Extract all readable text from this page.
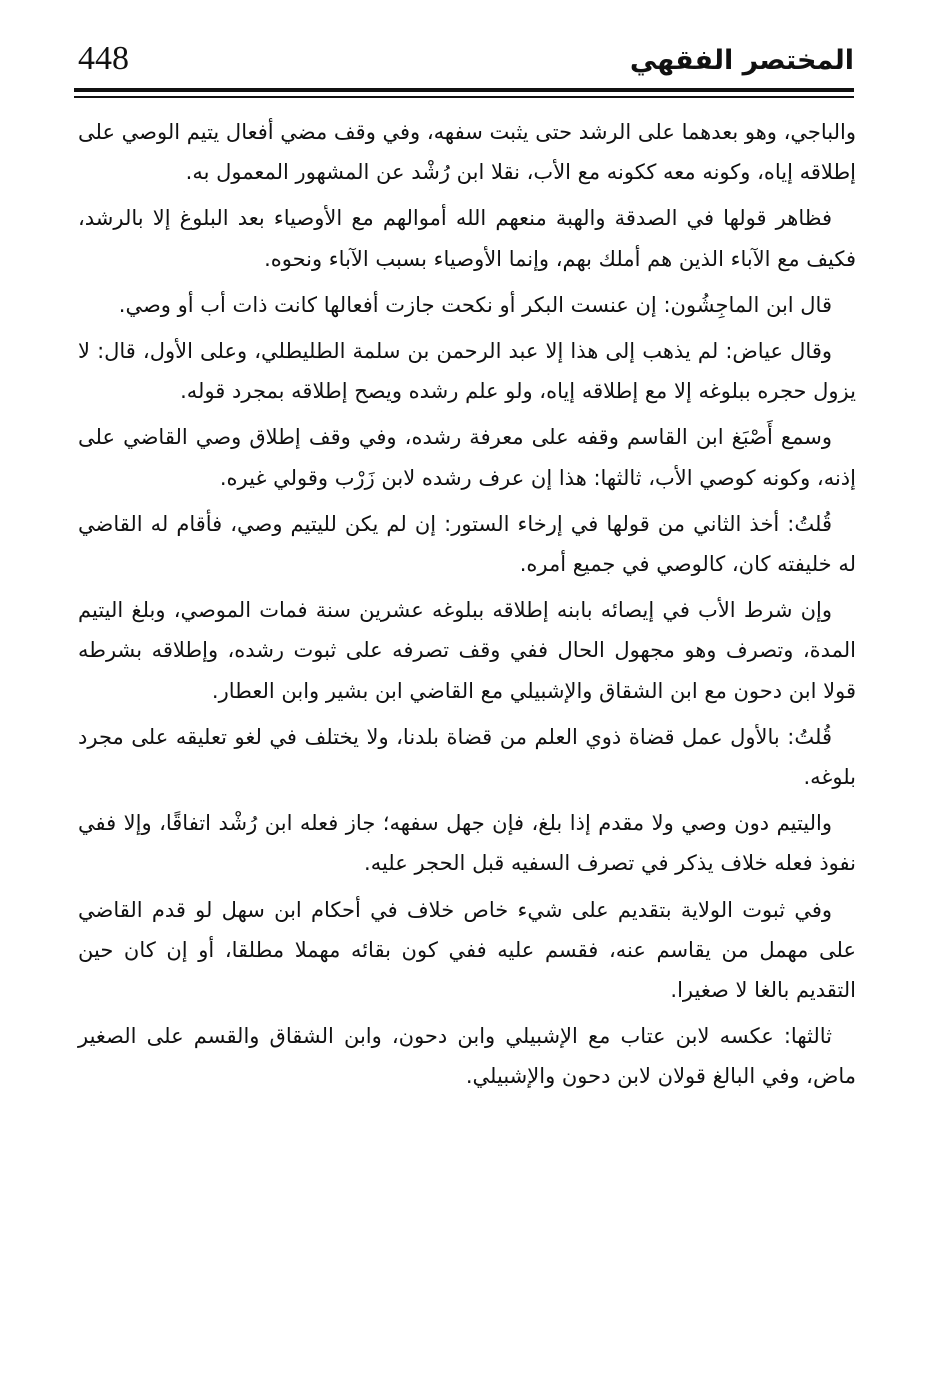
448	المختصر الفقهي

والباجي، وهو بعدهما على الرشد حتى يثبت سفهه، وفي وقف مضي أفعال يتيم الوصي على إطلاقه إياه، وكونه معه ككونه مع الأب، نقلا ابن رُشْد عن المشهور المعمول به.

فظاهر قولها في الصدقة والهبة منعهم الله أموالهم مع الأوصياء بعد البلوغ إلا بالرشد، فكيف مع الآباء الذين هم أملك بهم، وإنما الأوصياء بسبب الآباء ونحوه.

قال ابن الماجِشُون: إن عنست البكر أو نكحت جازت أفعالها كانت ذات أب أو وصي.

وقال عياض: لم يذهب إلى هذا إلا عبد الرحمن بن سلمة الطليطلي، وعلى الأول، قال: لا يزول حجره ببلوغه إلا مع إطلاقه إياه، ولو علم رشده ويصح إطلاقه بمجرد قوله.

وسمع أَصْبَغ ابن القاسم وقفه على معرفة رشده، وفي وقف إطلاق وصي القاضي على إذنه، وكونه كوصي الأب، ثالثها: هذا إن عرف رشده لابن زَرْب وقولي غيره.

قُلتُ: أخذ الثاني من قولها في إرخاء الستور: إن لم يكن لليتيم وصي، فأقام له القاضي له خليفته كان، كالوصي في جميع أمره.

وإن شرط الأب في إيصائه بابنه إطلاقه ببلوغه عشرين سنة فمات الموصي، وبلغ اليتيم المدة، وتصرف وهو مجهول الحال ففي وقف تصرفه على ثبوت رشده، وإطلاقه بشرطه قولا ابن دحون مع ابن الشقاق والإشبيلي مع القاضي ابن بشير وابن العطار.

قُلتُ: بالأول عمل قضاة ذوي العلم من قضاة بلدنا، ولا يختلف في لغو تعليقه على مجرد بلوغه.

واليتيم دون وصي ولا مقدم إذا بلغ، فإن جهل سفهه؛ جاز فعله ابن رُشْد اتفاقًا، وإلا ففي نفوذ فعله خلاف يذكر في تصرف السفيه قبل الحجر عليه.

وفي ثبوت الولاية بتقديم على شيء خاص خلاف في أحكام ابن سهل لو قدم القاضي على مهمل من يقاسم عنه، فقسم عليه ففي كون بقائه مهملا مطلقا، أو إن كان حين التقديم بالغا لا صغيرا.

ثالثها: عكسه لابن عتاب مع الإشبيلي وابن دحون، وابن الشقاق والقسم على الصغير ماض، وفي البالغ قولان لابن دحون والإشبيلي.
